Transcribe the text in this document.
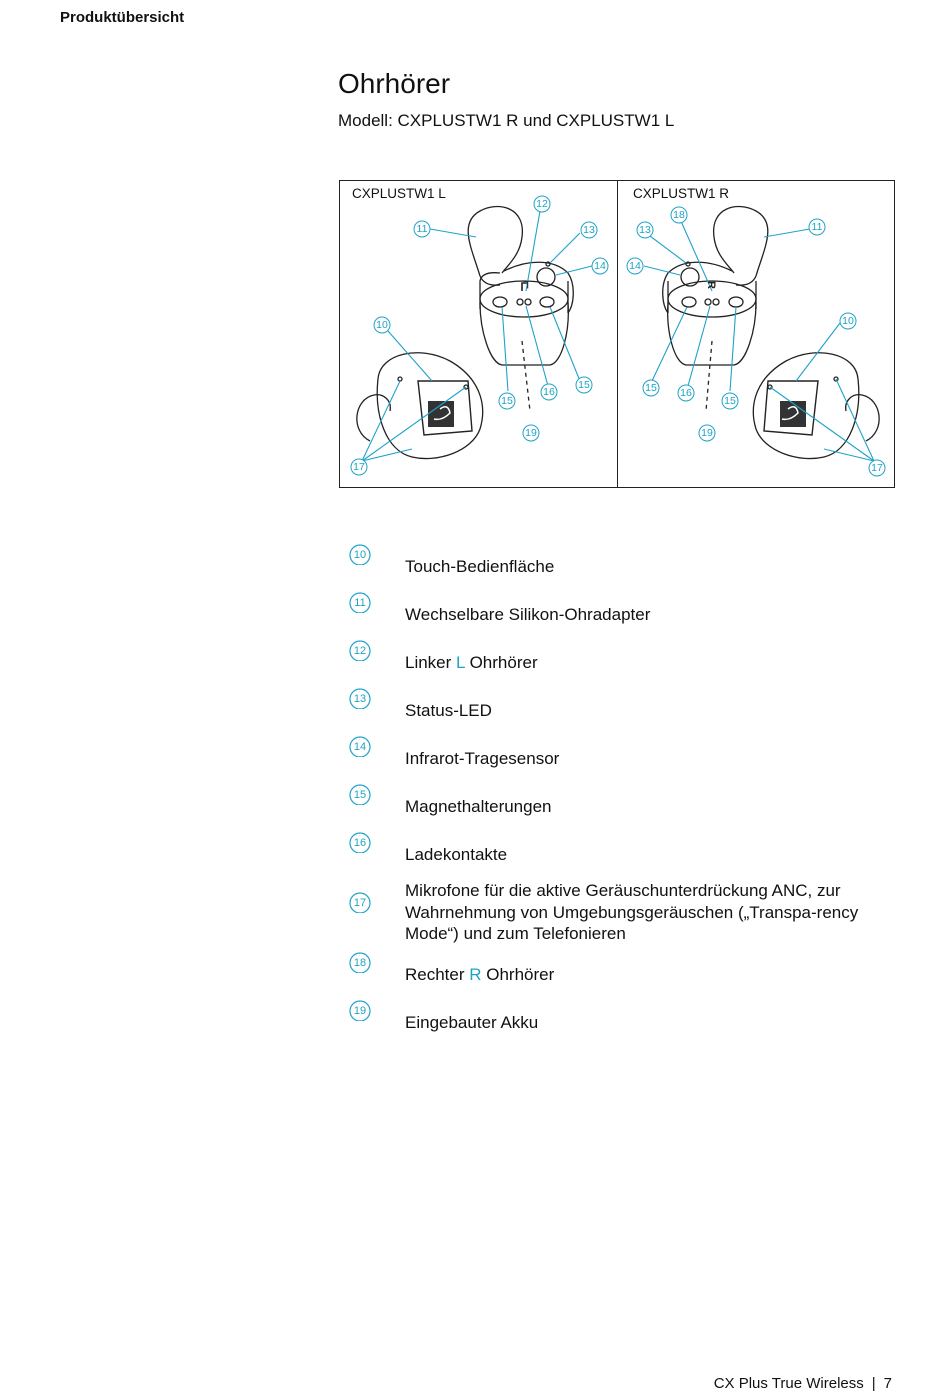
Produktübersicht
Ohrhörer
Modell: CXPLUSTW1 R und CXPLUSTW1 L
CXPLUSTW1 L	CXPLUSTW1 R
11
12
13
14
10
15
16
15
19
17
11
13
18
14
10
15 16
15
19
17
L	R
10
Touch-Bedienfläche
11
Wechselbare Silikon-Ohradapter
12
Linker L Ohrhörer
13
Status-LED
14
Infrarot-Tragesensor
15
Magnethalterungen
16
Ladekontakte
17
Mikrofone für die aktive Geräuschunterdrückung ANC, zur Wahrnehmung von Umgebungsgeräuschen („Transpa-rency Mode“) und zum Telefonieren
18
Rechter R Ohrhörer
19
Eingebauter Akku
CX Plus True Wireless | 7
